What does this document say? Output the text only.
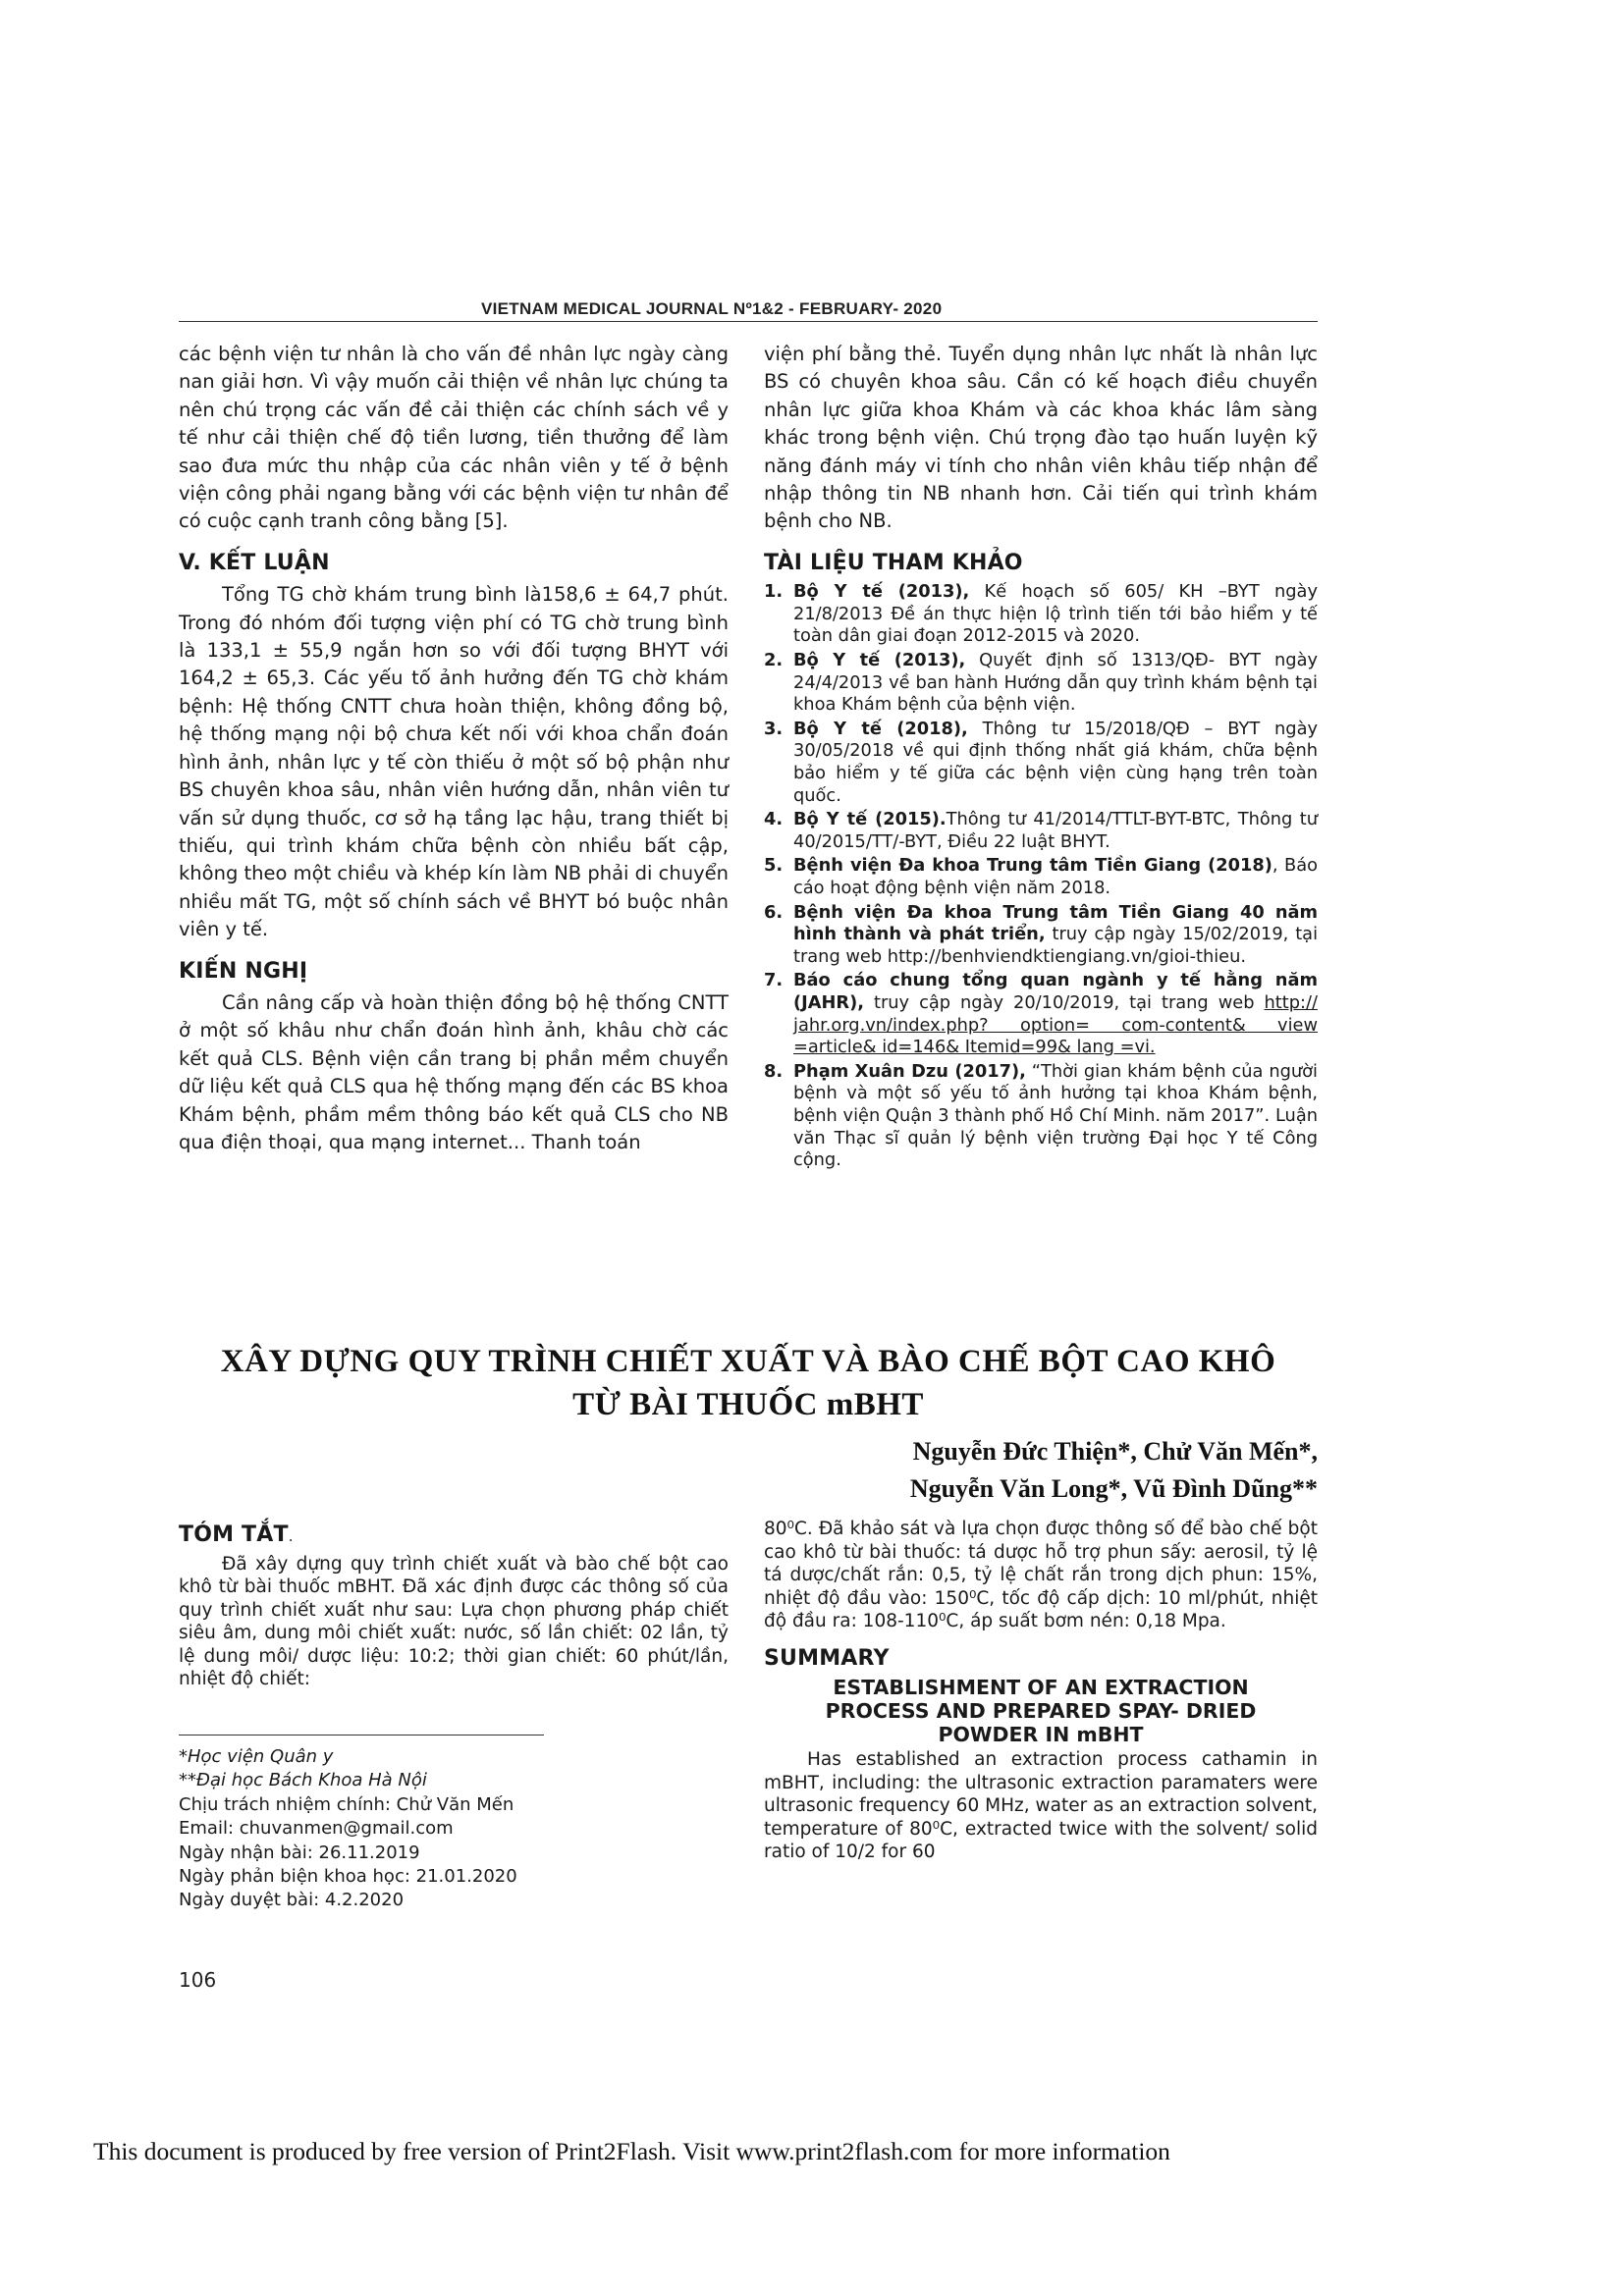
VIETNAM MEDICAL JOURNAL Nº1&2 - FEBRUARY- 2020

các bệnh viện tư nhân là cho vấn đề nhân lực ngày càng nan giải hơn. Vì vậy muốn cải thiện về nhân lực chúng ta nên chú trọng các vấn đề cải thiện các chính sách về y tế như cải thiện chế độ tiền lương, tiền thưởng để làm sao đưa mức thu nhập của các nhân viên y tế ở bệnh viện công phải ngang bằng với các bệnh viện tư nhân để có cuộc cạnh tranh công bằng [5].

V. KẾT LUẬN

Tổng TG chờ khám trung bình là158,6 ± 64,7 phút. Trong đó nhóm đối tượng viện phí có TG chờ trung bình là 133,1 ± 55,9 ngắn hơn so với đối tượng BHYT với 164,2 ± 65,3. Các yếu tố ảnh hưởng đến TG chờ khám bệnh: Hệ thống CNTT chưa hoàn thiện, không đồng bộ, hệ thống mạng nội bộ chưa kết nối với khoa chẩn đoán hình ảnh, nhân lực y tế còn thiếu ở một số bộ phận như BS chuyên khoa sâu, nhân viên hướng dẫn, nhân viên tư vấn sử dụng thuốc, cơ sở hạ tầng lạc hậu, trang thiết bị thiếu, qui trình khám chữa bệnh còn nhiều bất cập, không theo một chiều và khép kín làm NB phải di chuyển nhiều mất TG, một số chính sách về BHYT bó buộc nhân viên y tế.

KIẾN NGHỊ

Cần nâng cấp và hoàn thiện đồng bộ hệ thống CNTT ở một số khâu như chẩn đoán hình ảnh, khâu chờ các kết quả CLS. Bệnh viện cần trang bị phần mềm chuyển dữ liệu kết quả CLS qua hệ thống mạng đến các BS khoa Khám bệnh, phầm mềm thông báo kết quả CLS cho NB qua điện thoại, qua mạng internet... Thanh toán

viện phí bằng thẻ. Tuyển dụng nhân lực nhất là nhân lực BS có chuyên khoa sâu. Cần có kế hoạch điều chuyển nhân lực giữa khoa Khám và các khoa khác lâm sàng khác trong bệnh viện. Chú trọng đào tạo huấn luyện kỹ năng đánh máy vi tính cho nhân viên khâu tiếp nhận để nhập thông tin NB nhanh hơn. Cải tiến qui trình khám bệnh cho NB.

TÀI LIỆU THAM KHẢO
1. Bộ Y tế (2013), Kế hoạch số 605/ KH –BYT ngày 21/8/2013 Đề án thực hiện lộ trình tiến tới bảo hiểm y tế toàn dân giai đoạn 2012-2015 và 2020.
2. Bộ Y tế (2013), Quyết định số 1313/QĐ- BYT ngày 24/4/2013 về ban hành Hướng dẫn quy trình khám bệnh tại khoa Khám bệnh của bệnh viện.
3. Bộ Y tế (2018), Thông tư 15/2018/QĐ – BYT ngày 30/05/2018 về qui định thống nhất giá khám, chữa bệnh bảo hiểm y tế giữa các bệnh viện cùng hạng trên toàn quốc.
4. Bộ Y tế (2015).Thông tư 41/2014/TTLT-BYT-BTC, Thông tư 40/2015/TT/-BYT, Điều 22 luật BHYT.
5. Bệnh viện Đa khoa Trung tâm Tiền Giang (2018), Báo cáo hoạt động bệnh viện năm 2018.
6. Bệnh viện Đa khoa Trung tâm Tiền Giang 40 năm hình thành và phát triển, truy cập ngày 15/02/2019, tại trang web http://benhviendktiengiang.vn/gioi-thieu.
7. Báo cáo chung tổng quan ngành y tế hằng năm (JAHR), truy cập ngày 20/10/2019, tại trang web http:// jahr.org.vn/index.php? option= com-content& view =article& id=146& Itemid=99& lang =vi.
8. Phạm Xuân Dzu (2017), “Thời gian khám bệnh của người bệnh và một số yếu tố ảnh hưởng tại khoa Khám bệnh, bệnh viện Quận 3 thành phố Hồ Chí Minh. năm 2017”. Luận văn Thạc sĩ quản lý bệnh viện trường Đại học Y tế Công cộng.
XÂY DỰNG QUY TRÌNH CHIẾT XUẤT VÀ BÀO CHẾ BỘT CAO KHÔ
TỪ BÀI THUỐC mBHT
Nguyễn Đức Thiện*, Chử Văn Mến*,
Nguyễn Văn Long*, Vũ Đình Dũng**
TÓM TẮT.

Đã xây dựng quy trình chiết xuất và bào chế bột cao khô từ bài thuốc mBHT. Đã xác định được các thông số của quy trình chiết xuất như sau: Lựa chọn phương pháp chiết siêu âm, dung môi chiết xuất: nước, số lần chiết: 02 lần, tỷ lệ dung môi/ dược liệu: 10:2; thời gian chiết: 60 phút/lần, nhiệt độ chiết:

80⁰C. Đã khảo sát và lựa chọn được thông số để bào chế bột cao khô từ bài thuốc: tá dược hỗ trợ phun sấy: aerosil, tỷ lệ tá dược/chất rắn: 0,5, tỷ lệ chất rắn trong dịch phun: 15%, nhiệt độ đầu vào: 150⁰C, tốc độ cấp dịch: 10 ml/phút, nhiệt độ đầu ra: 108-110⁰C, áp suất bơm nén: 0,18 Mpa.

SUMMARY
ESTABLISHMENT OF AN EXTRACTION
PROCESS AND PREPARED SPAY- DRIED
POWDER IN mBHT

Has established an extraction process cathamin in mBHT, including: the ultrasonic extraction paramaters were ultrasonic frequency 60 MHz, water as an extraction solvent, temperature of 80⁰C, extracted twice with the solvent/ solid ratio of 10/2 for 60

*Học viện Quân y
**Đại học Bách Khoa Hà Nội
Chịu trách nhiệm chính: Chử Văn Mến
Email: chuvanmen@gmail.com
Ngày nhận bài: 26.11.2019
Ngày phản biện khoa học: 21.01.2020
Ngày duyệt bài: 4.2.2020
106
This document is produced by free version of Print2Flash. Visit www.print2flash.com for more information
